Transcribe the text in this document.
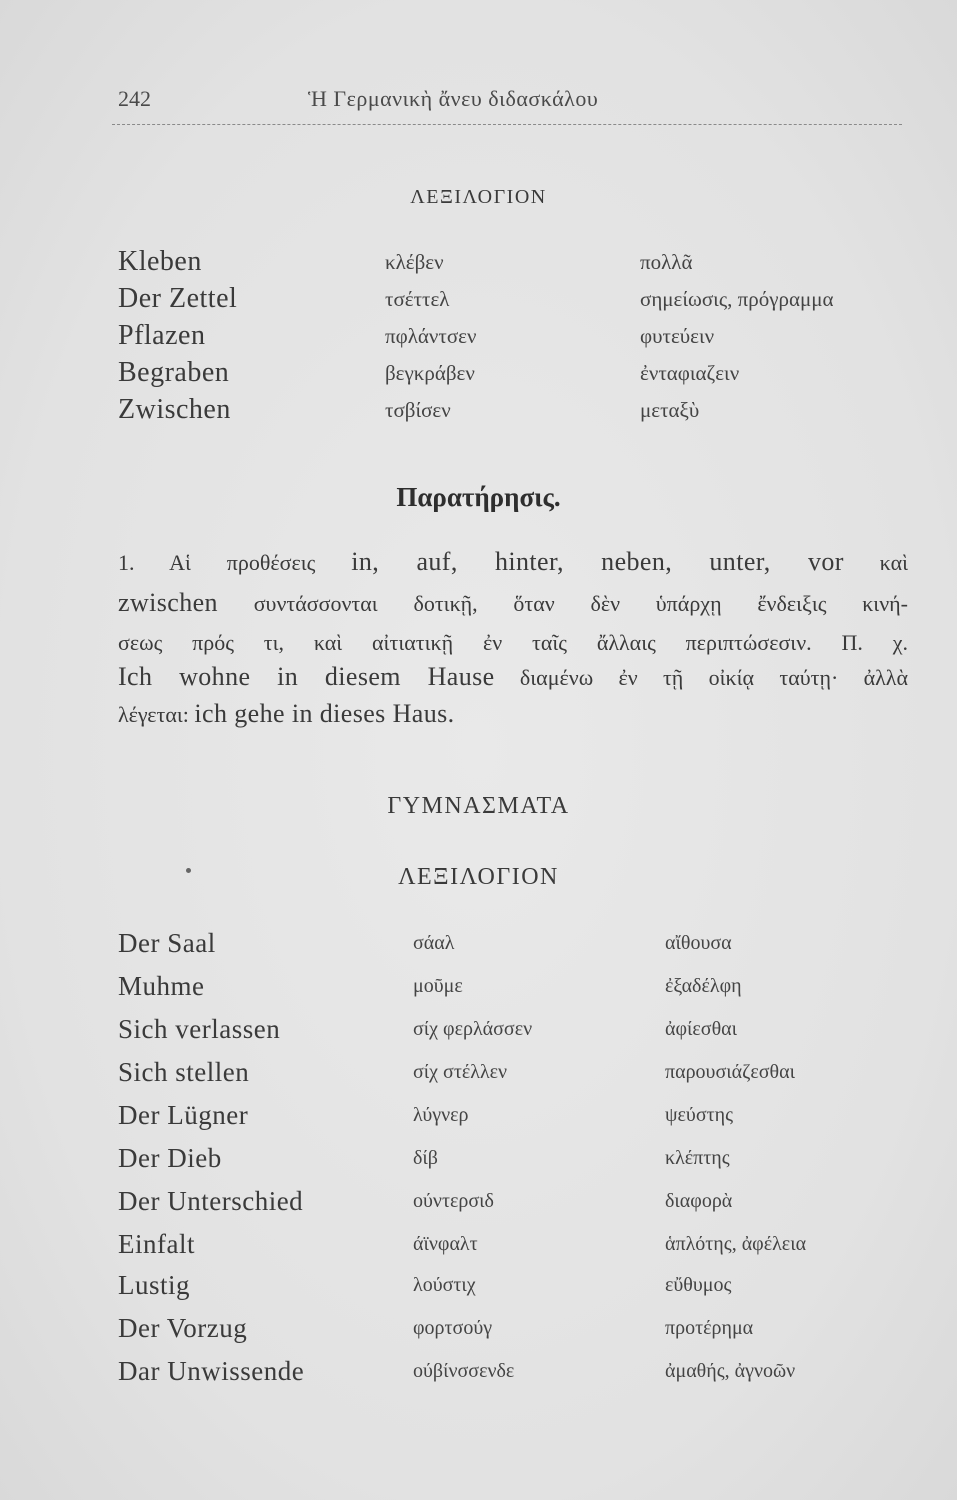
242	Ἡ Γερμανικὴ ἄνευ διδασκάλου
ΛΕΞΙΛΟΓΙΟΝ
Kleben	κλέβεν	πολλᾶ
Der Zettel	τσέττελ	σημείωσις, πρόγραμμα
Pflazen	πφλάντσεν	φυτεύειν
Begraben	βεγκράβεν	ἐνταφιαζειν
Zwischen	τσβίσεν	μεταξὺ
Παρατήρησις.
1. Αἱ προθέσεις in, auf, hinter, neben, unter, vor καὶ
zwischen συντάσσονται δοτικῇ, ὅταν δὲν ὑπάρχῃ ἔνδειξις κινή-
σεως πρός τι, καὶ αἰτιατικῇ ἐν ταῖς ἄλλαις περιπτώσεσιν. Π. χ.
Ich wohne in diesem Hause διαμένω ἐν τῇ οἰκίᾳ ταύτῃ· ἀλλὰ
λέγεται: ich gehe in dieses Haus.
ΓΥΜΝΑΣΜΑΤΑ
ΛΕΞΙΛΟΓΙΟΝ
Der Saal	σάαλ	αἴθουσα
Muhme	μοῦμε	ἐξαδέλφη
Sich verlassen	σίχ φερλάσσεν	ἀφίεσθαι
Sich stellen	σίχ στέλλεν	παρουσιάζεσθαι
Der Lügner	λύγνερ	ψεύστης
Der Dieb	δίβ	κλέπτης
Der Unterschied	ούντερσιδ	διαφορὰ
Einfalt	άϊνφαλτ	ἁπλότης, ἀφέλεια
Lustig	λούστιχ	εὔθυμος
Der Vorzug	φορτσούγ	προτέρημα
Dar Unwissende	ούβίνσσενδε	ἀμαθής, ἀγνοῶν
